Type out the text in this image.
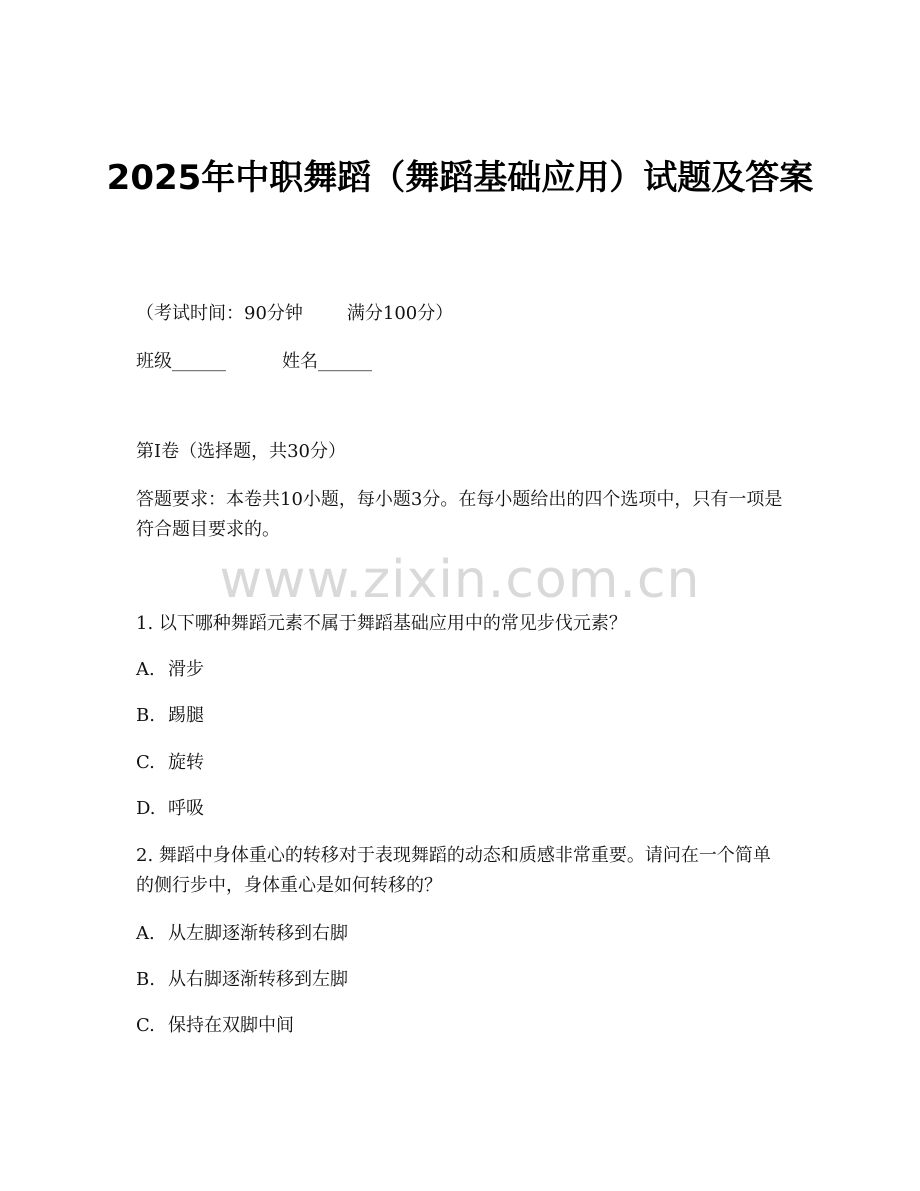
2025年中职舞蹈（舞蹈基础应用）试题及答案

（考试时间：90分钟 满分100分）

班级______	姓名______

第I卷（选择题，共30分）

答题要求：本卷共10小题，每小题3分。在每小题给出的四个选项中，只有一项是符合题目要求的。

www.zixin.com.cn

1. 以下哪种舞蹈元素不属于舞蹈基础应用中的常见步伐元素？

A. 滑步

B. 踢腿

C. 旋转

D. 呼吸

2. 舞蹈中身体重心的转移对于表现舞蹈的动态和质感非常重要。请问在一个简单的侧行步中，身体重心是如何转移的？

A. 从左脚逐渐转移到右脚

B. 从右脚逐渐转移到左脚

C. 保持在双脚中间
